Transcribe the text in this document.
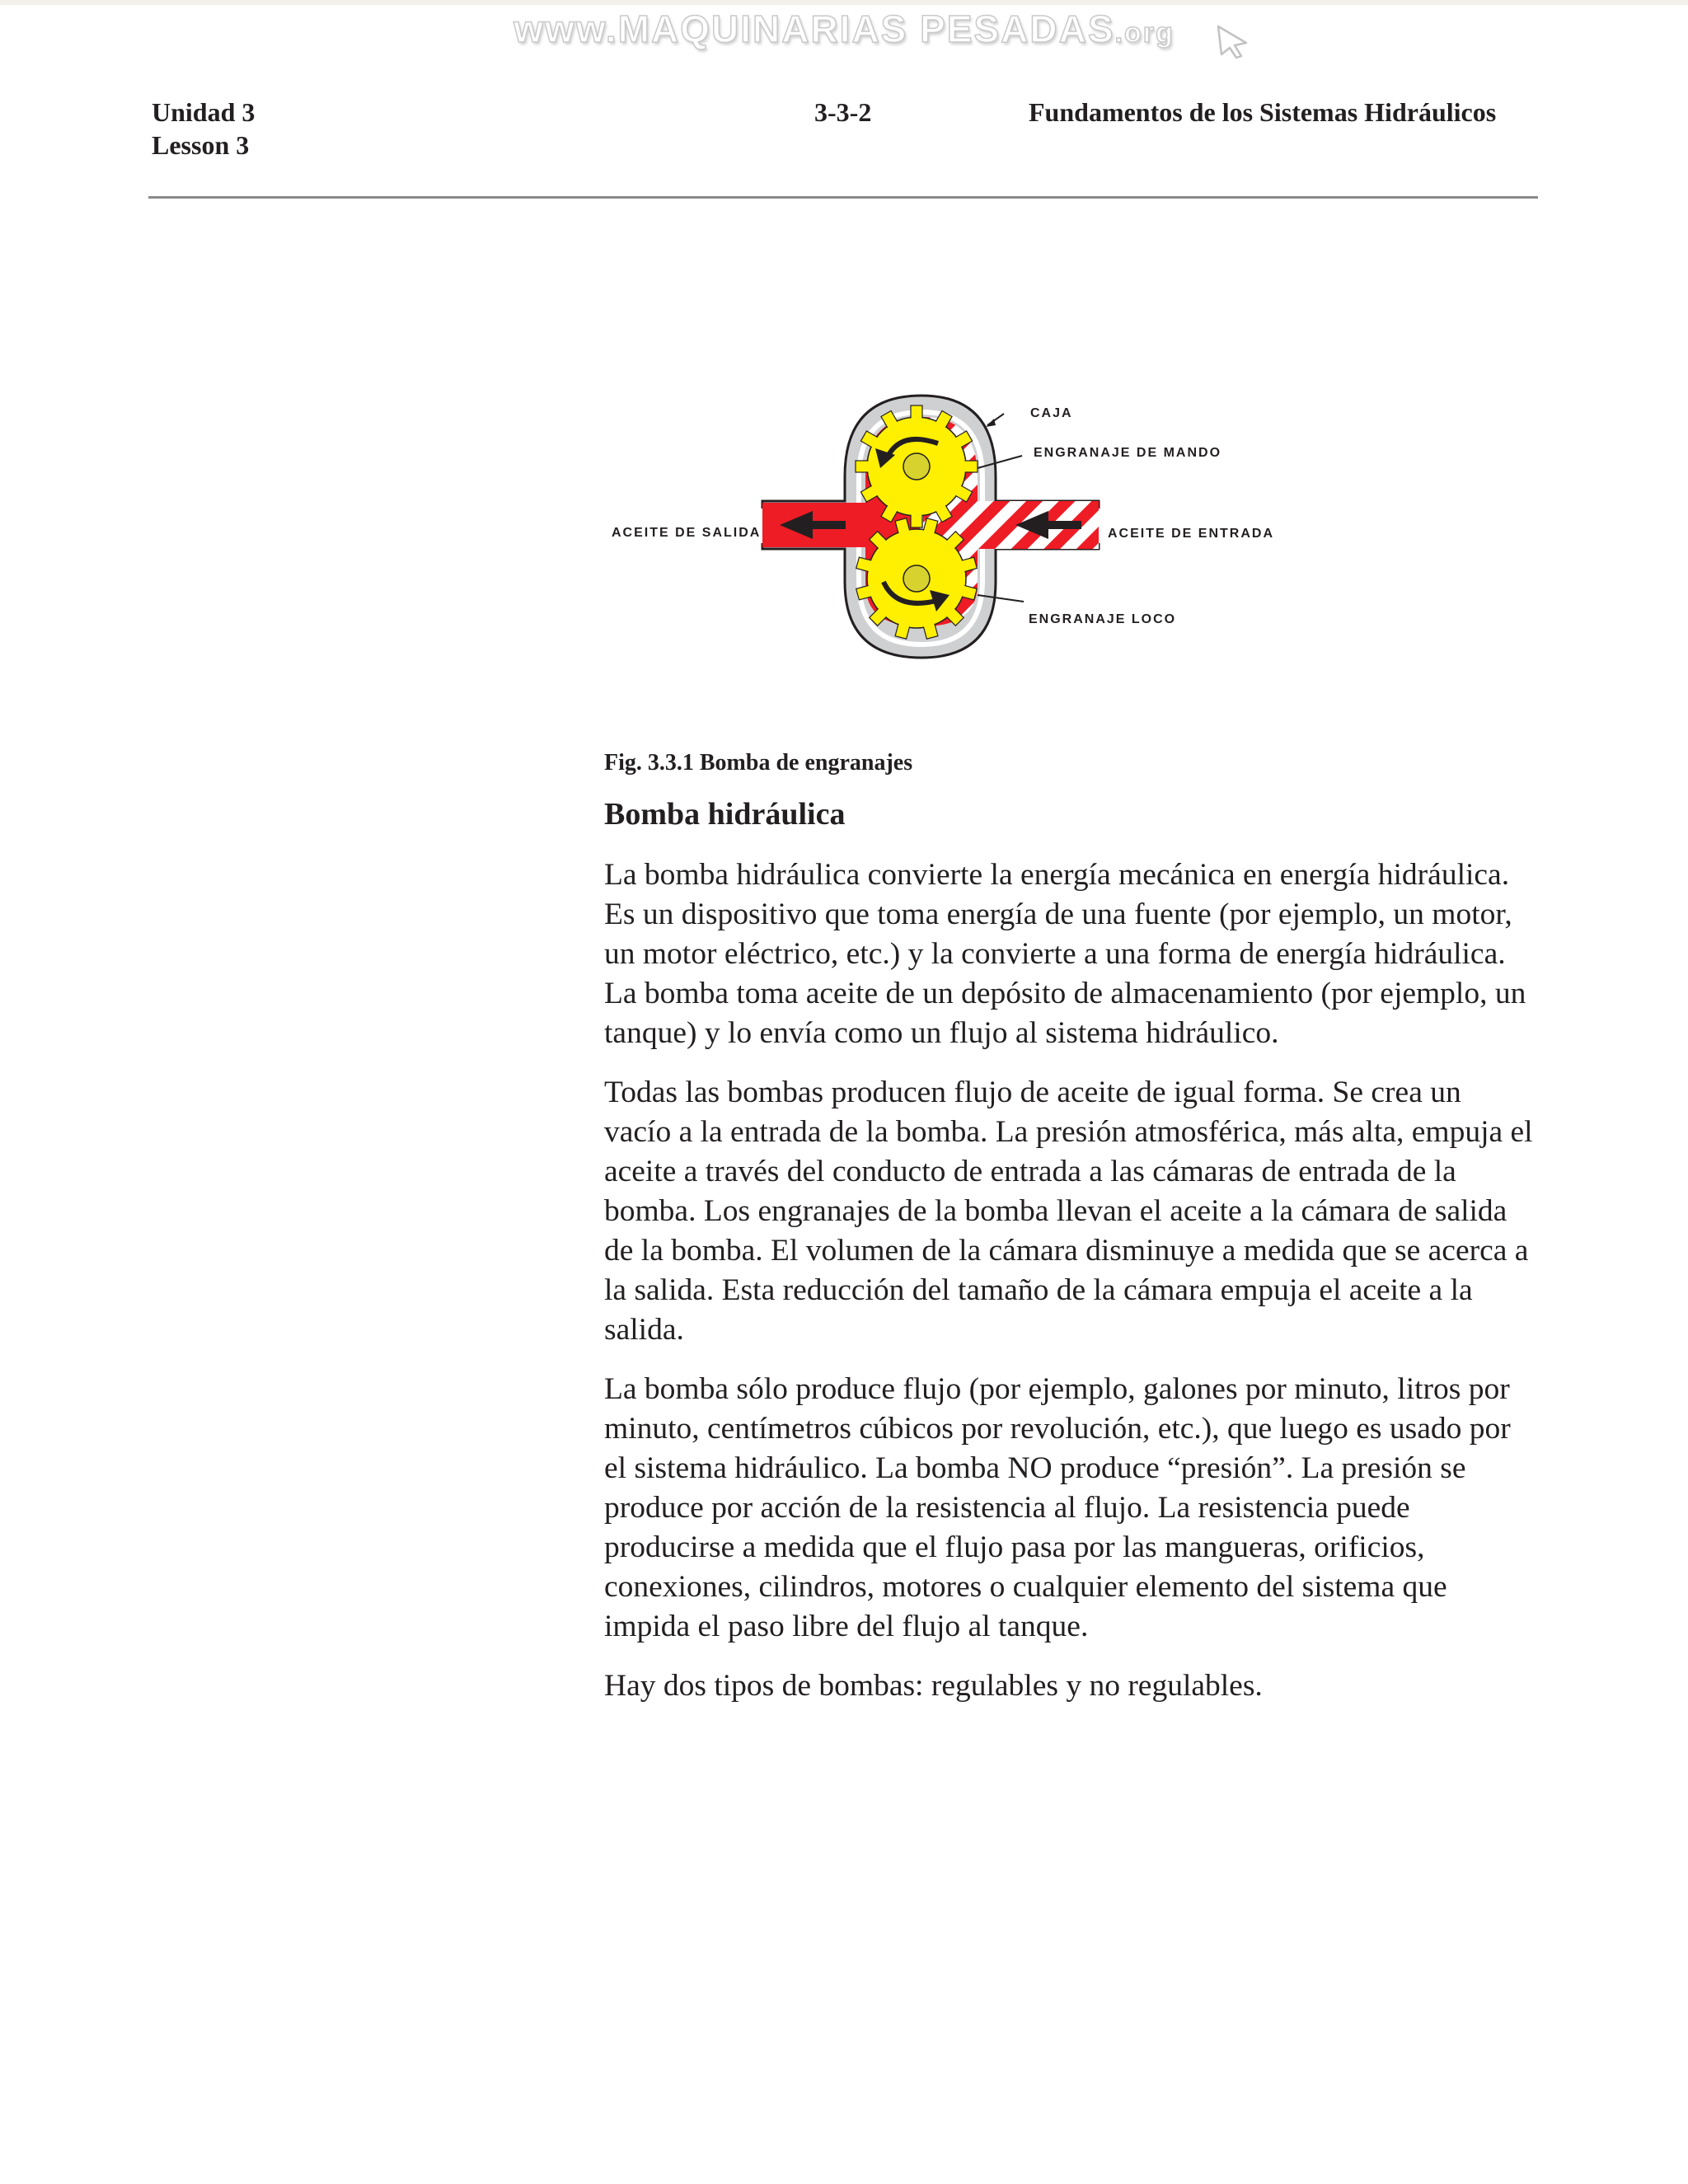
www.MAQUINARIAS PESADAS.org
Unidad 3
Lesson 3
3-3-2	Fundamentos de los Sistemas Hidráulicos
CAJA
ENGRANAJE DE MANDO
ACEITE DE SALIDA	ACEITE DE ENTRADA
ENGRANAJE LOCO
Fig. 3.3.1 Bomba de engranajes
Bomba hidráulica

La bomba hidráulica convierte la energía mecánica en energía hidráulica. Es un dispositivo que toma energía de una fuente (por ejemplo, un motor, un motor eléctrico, etc.) y la convierte a una forma de energía hidráulica. La bomba toma aceite de un depósito de almacenamiento (por ejemplo, un tanque) y lo envía como un flujo al sistema hidráulico.

Todas las bombas producen flujo de aceite de igual forma. Se crea un vacío a la entrada de la bomba. La presión atmosférica, más alta, empuja el aceite a través del conducto de entrada a las cámaras de entrada de la bomba. Los engranajes de la bomba llevan el aceite a la cámara de salida de la bomba. El volumen de la cámara disminuye a medida que se acerca a la salida. Esta reducción del tamaño de la cámara empuja el aceite a la salida.

La bomba sólo produce flujo (por ejemplo, galones por minuto, litros por minuto, centímetros cúbicos por revolución, etc.), que luego es usado por el sistema hidráulico. La bomba NO produce “presión”. La presión se produce por acción de la resistencia al flujo. La resistencia puede producirse a medida que el flujo pasa por las mangueras, orificios, conexiones, cilindros, motores o cualquier elemento del sistema que impida el paso libre del flujo al tanque.

Hay dos tipos de bombas: regulables y no regulables.
